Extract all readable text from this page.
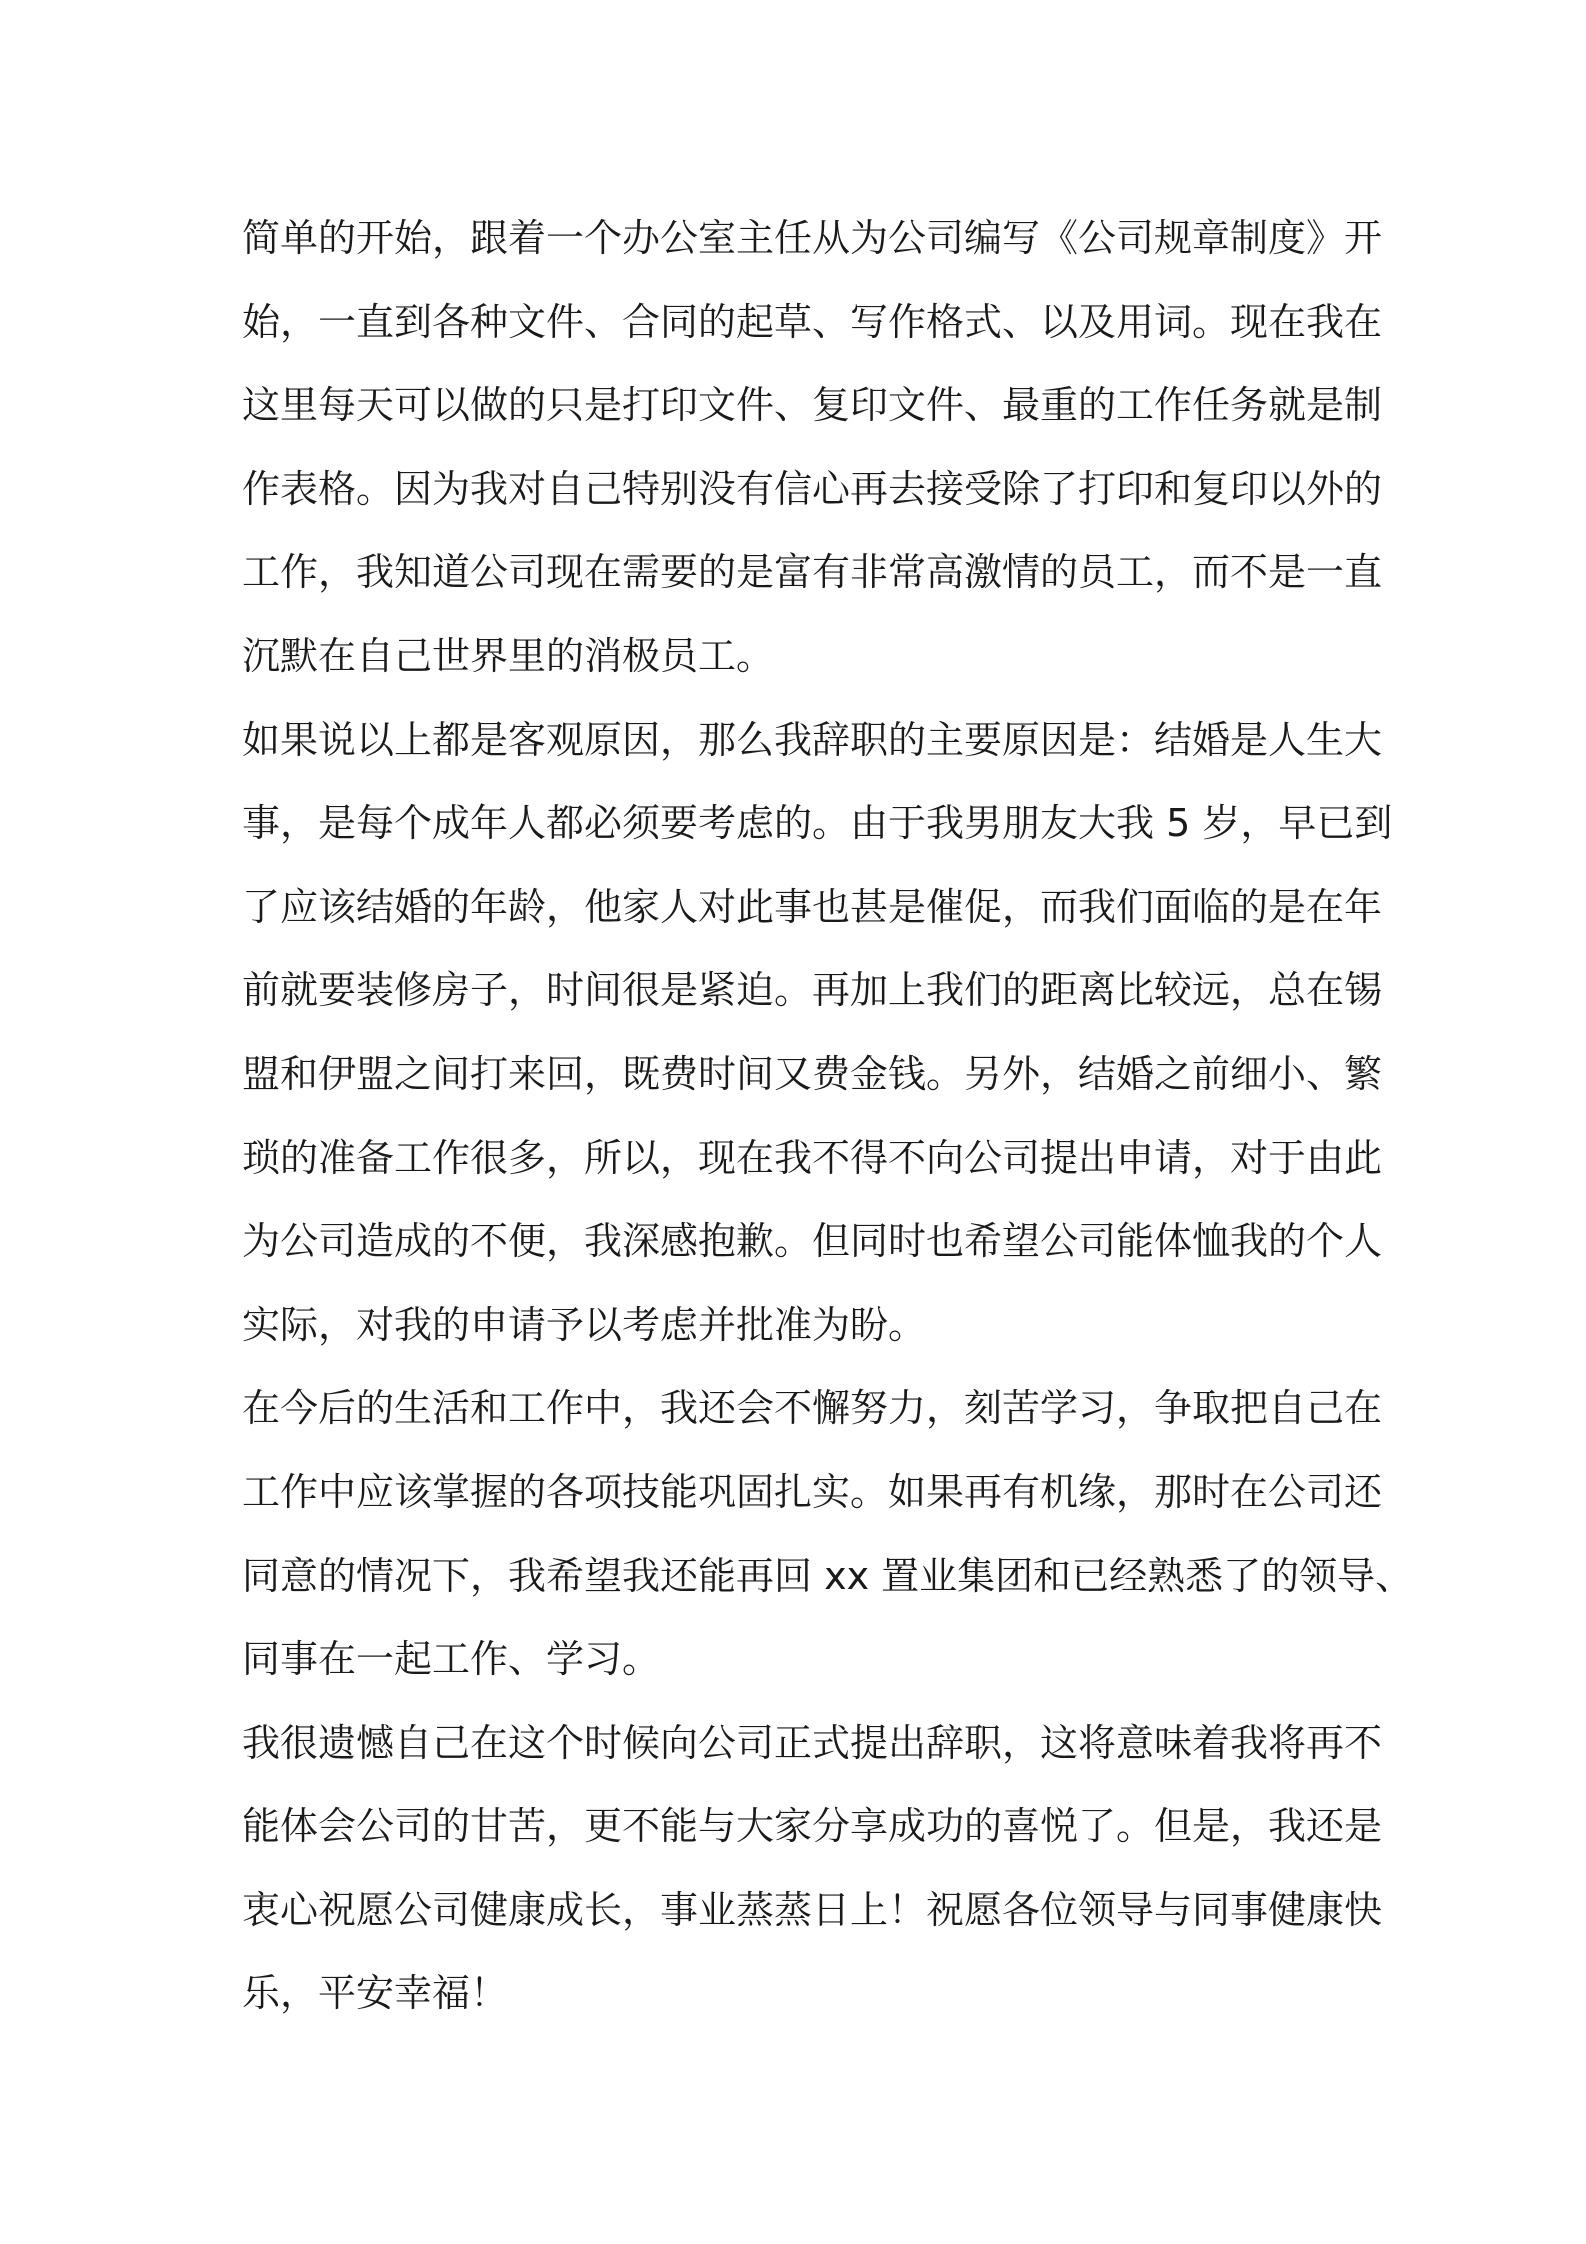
简单的开始，跟着一个办公室主任从为公司编写《公司规章制度》开
始，一直到各种文件、合同的起草、写作格式、以及用词。现在我在
这里每天可以做的只是打印文件、复印文件、最重的工作任务就是制
作表格。因为我对自己特别没有信心再去接受除了打印和复印以外的
工作，我知道公司现在需要的是富有非常高激情的员工，而不是一直
沉默在自己世界里的消极员工。
如果说以上都是客观原因，那么我辞职的主要原因是：结婚是人生大
事，是每个成年人都必须要考虑的。由于我男朋友大我 5 岁，早已到
了应该结婚的年龄，他家人对此事也甚是催促，而我们面临的是在年
前就要装修房子，时间很是紧迫。再加上我们的距离比较远，总在锡
盟和伊盟之间打来回，既费时间又费金钱。另外，结婚之前细小、繁
琐的准备工作很多，所以，现在我不得不向公司提出申请，对于由此
为公司造成的不便，我深感抱歉。但同时也希望公司能体恤我的个人
实际，对我的申请予以考虑并批准为盼。
在今后的生活和工作中，我还会不懈努力，刻苦学习，争取把自己在
工作中应该掌握的各项技能巩固扎实。如果再有机缘，那时在公司还
同意的情况下，我希望我还能再回 xx 置业集团和已经熟悉了的领导、
同事在一起工作、学习。
我很遗憾自己在这个时候向公司正式提出辞职，这将意味着我将再不
能体会公司的甘苦，更不能与大家分享成功的喜悦了。但是，我还是
衷心祝愿公司健康成长，事业蒸蒸日上！祝愿各位领导与同事健康快
乐，平安幸福！
